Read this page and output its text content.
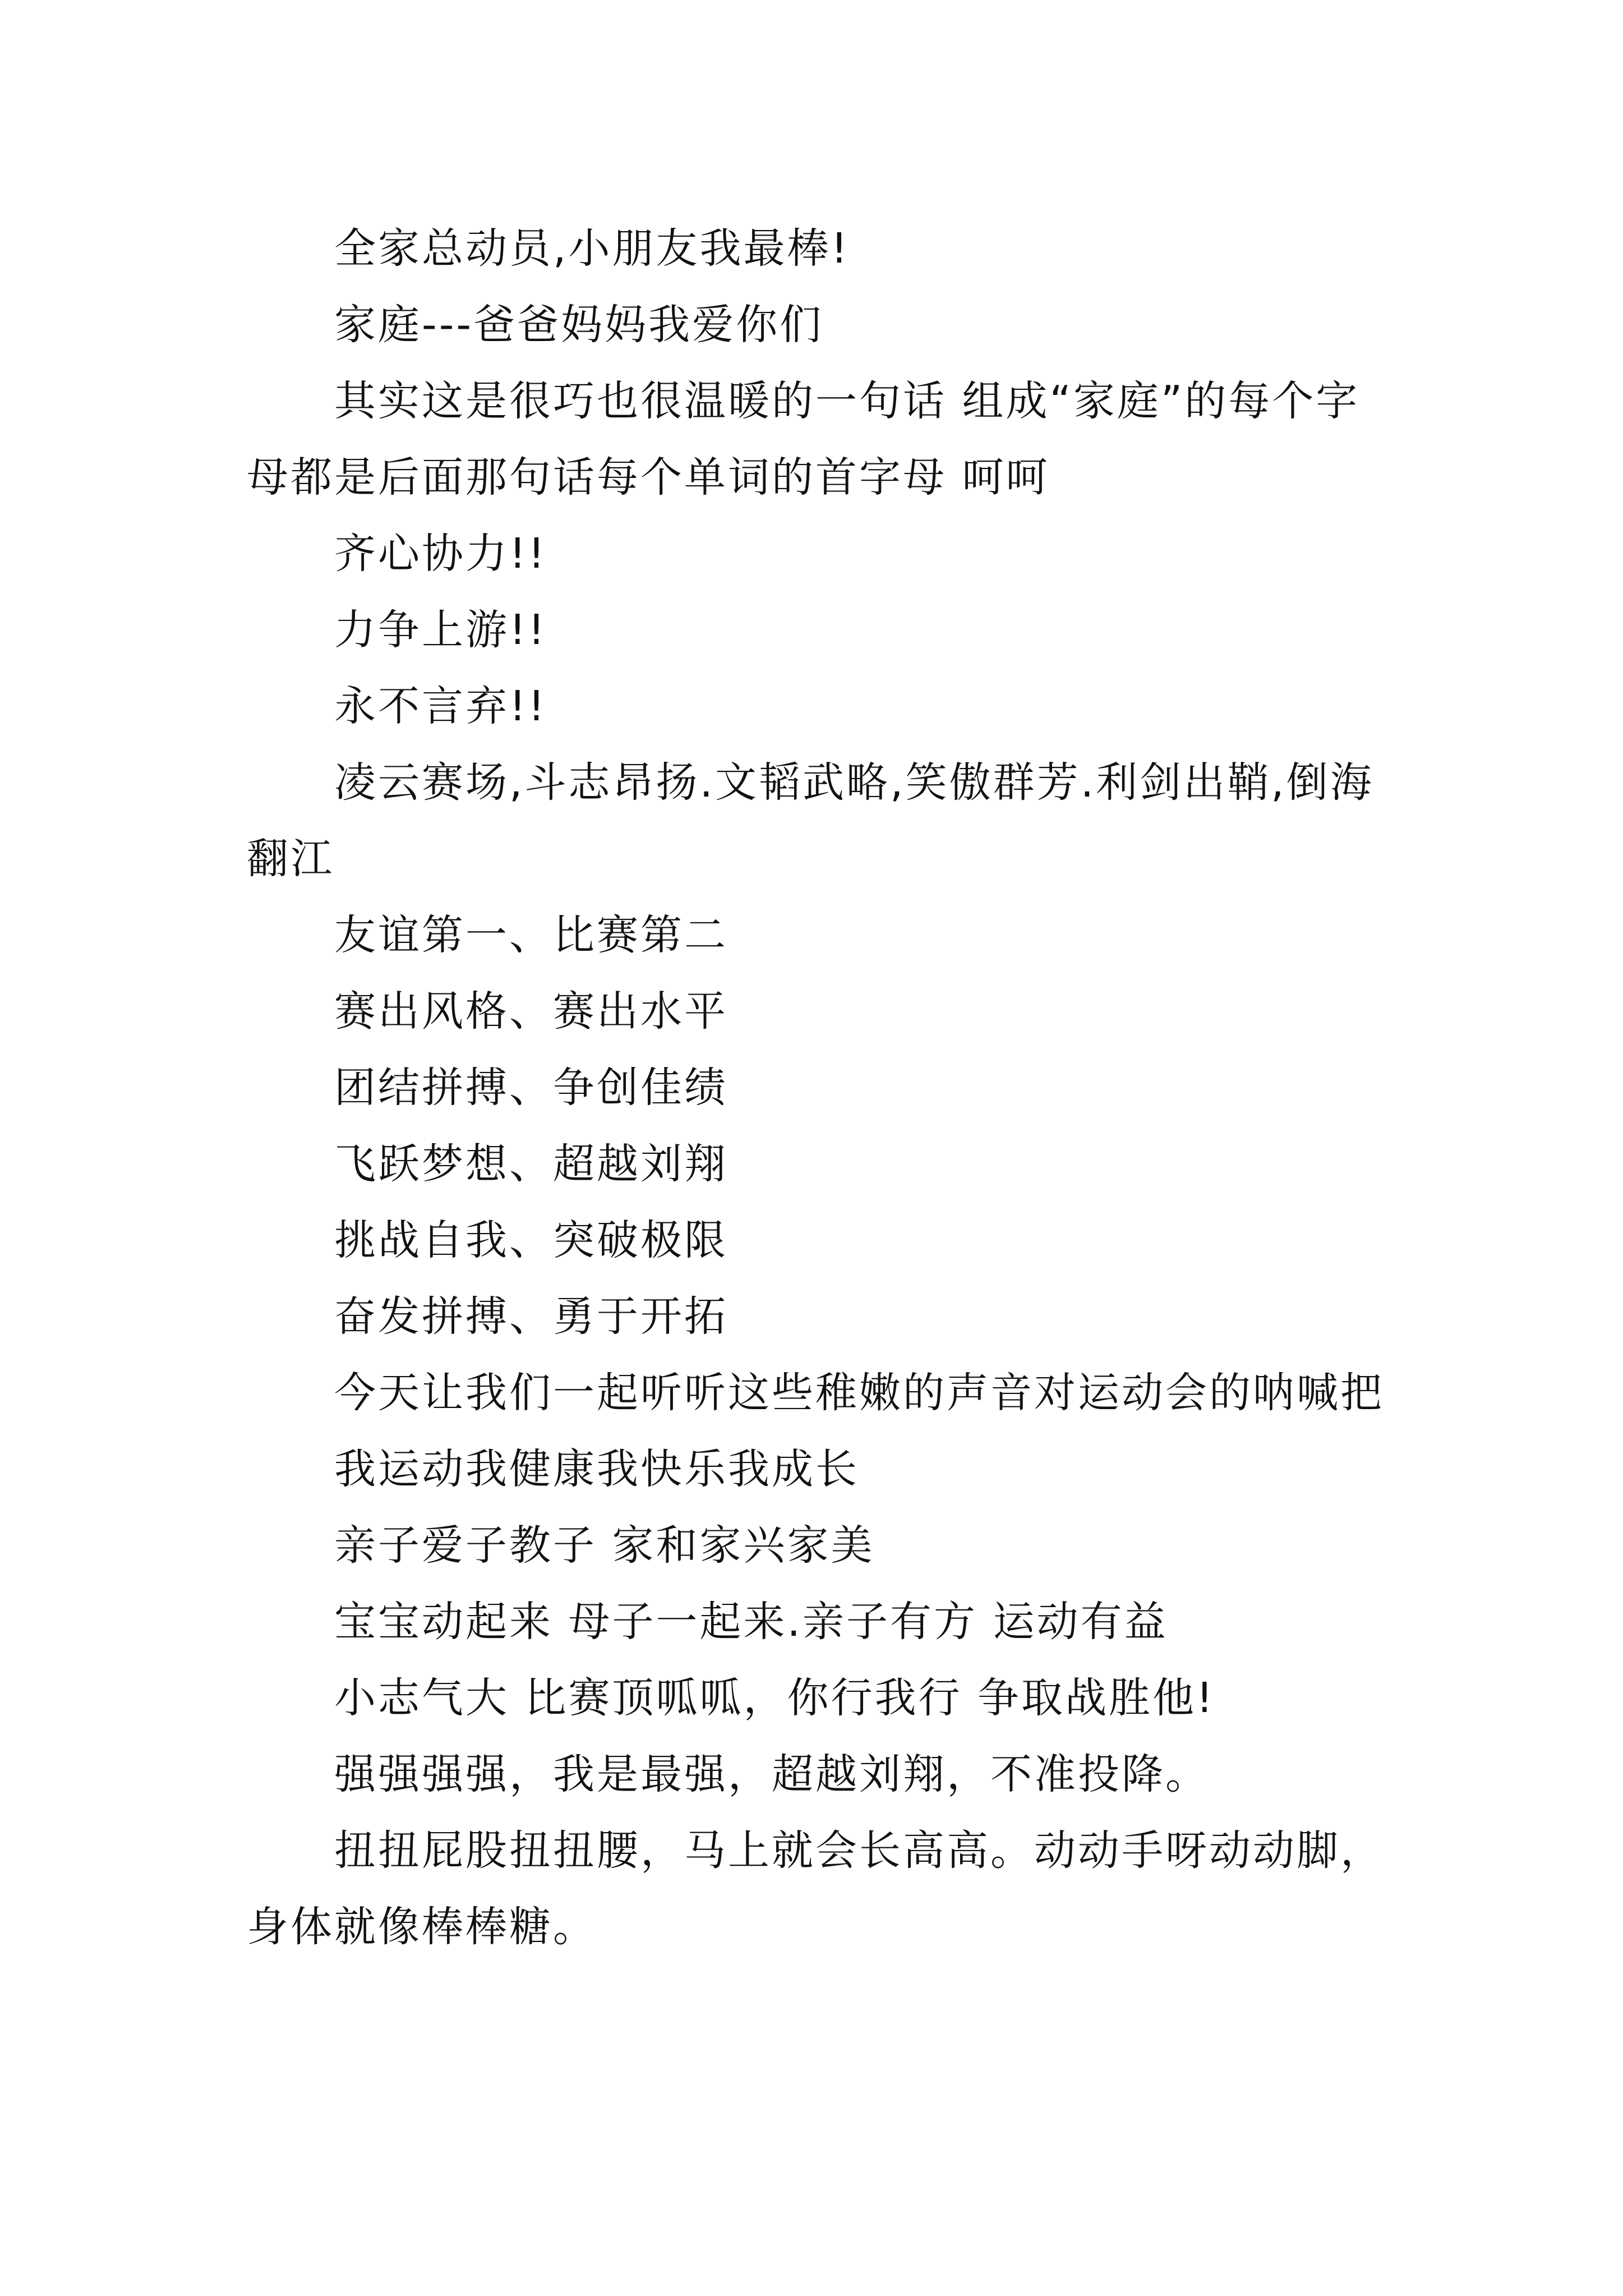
全家总动员,小朋友我最棒!

家庭---爸爸妈妈我爱你们

其实这是很巧也很温暖的一句话 组成“家庭”的每个字母都是后面那句话每个单词的首字母 呵呵

齐心协力!!

力争上游!!

永不言弃!!

凌云赛场,斗志昂扬.文韬武略,笑傲群芳.利剑出鞘,倒海翻江

友谊第一、比赛第二

赛出风格、赛出水平

团结拼搏、争创佳绩

飞跃梦想、超越刘翔

挑战自我、突破极限

奋发拼搏、勇于开拓

今天让我们一起听听这些稚嫩的声音对运动会的呐喊把

我运动我健康我快乐我成长

亲子爱子教子 家和家兴家美

宝宝动起来 母子一起来.亲子有方 运动有益

小志气大 比赛顶呱呱，你行我行 争取战胜他!

强强强强，我是最强，超越刘翔，不准投降。

扭扭屁股扭扭腰，马上就会长高高。动动手呀动动脚，身体就像棒棒糖。
